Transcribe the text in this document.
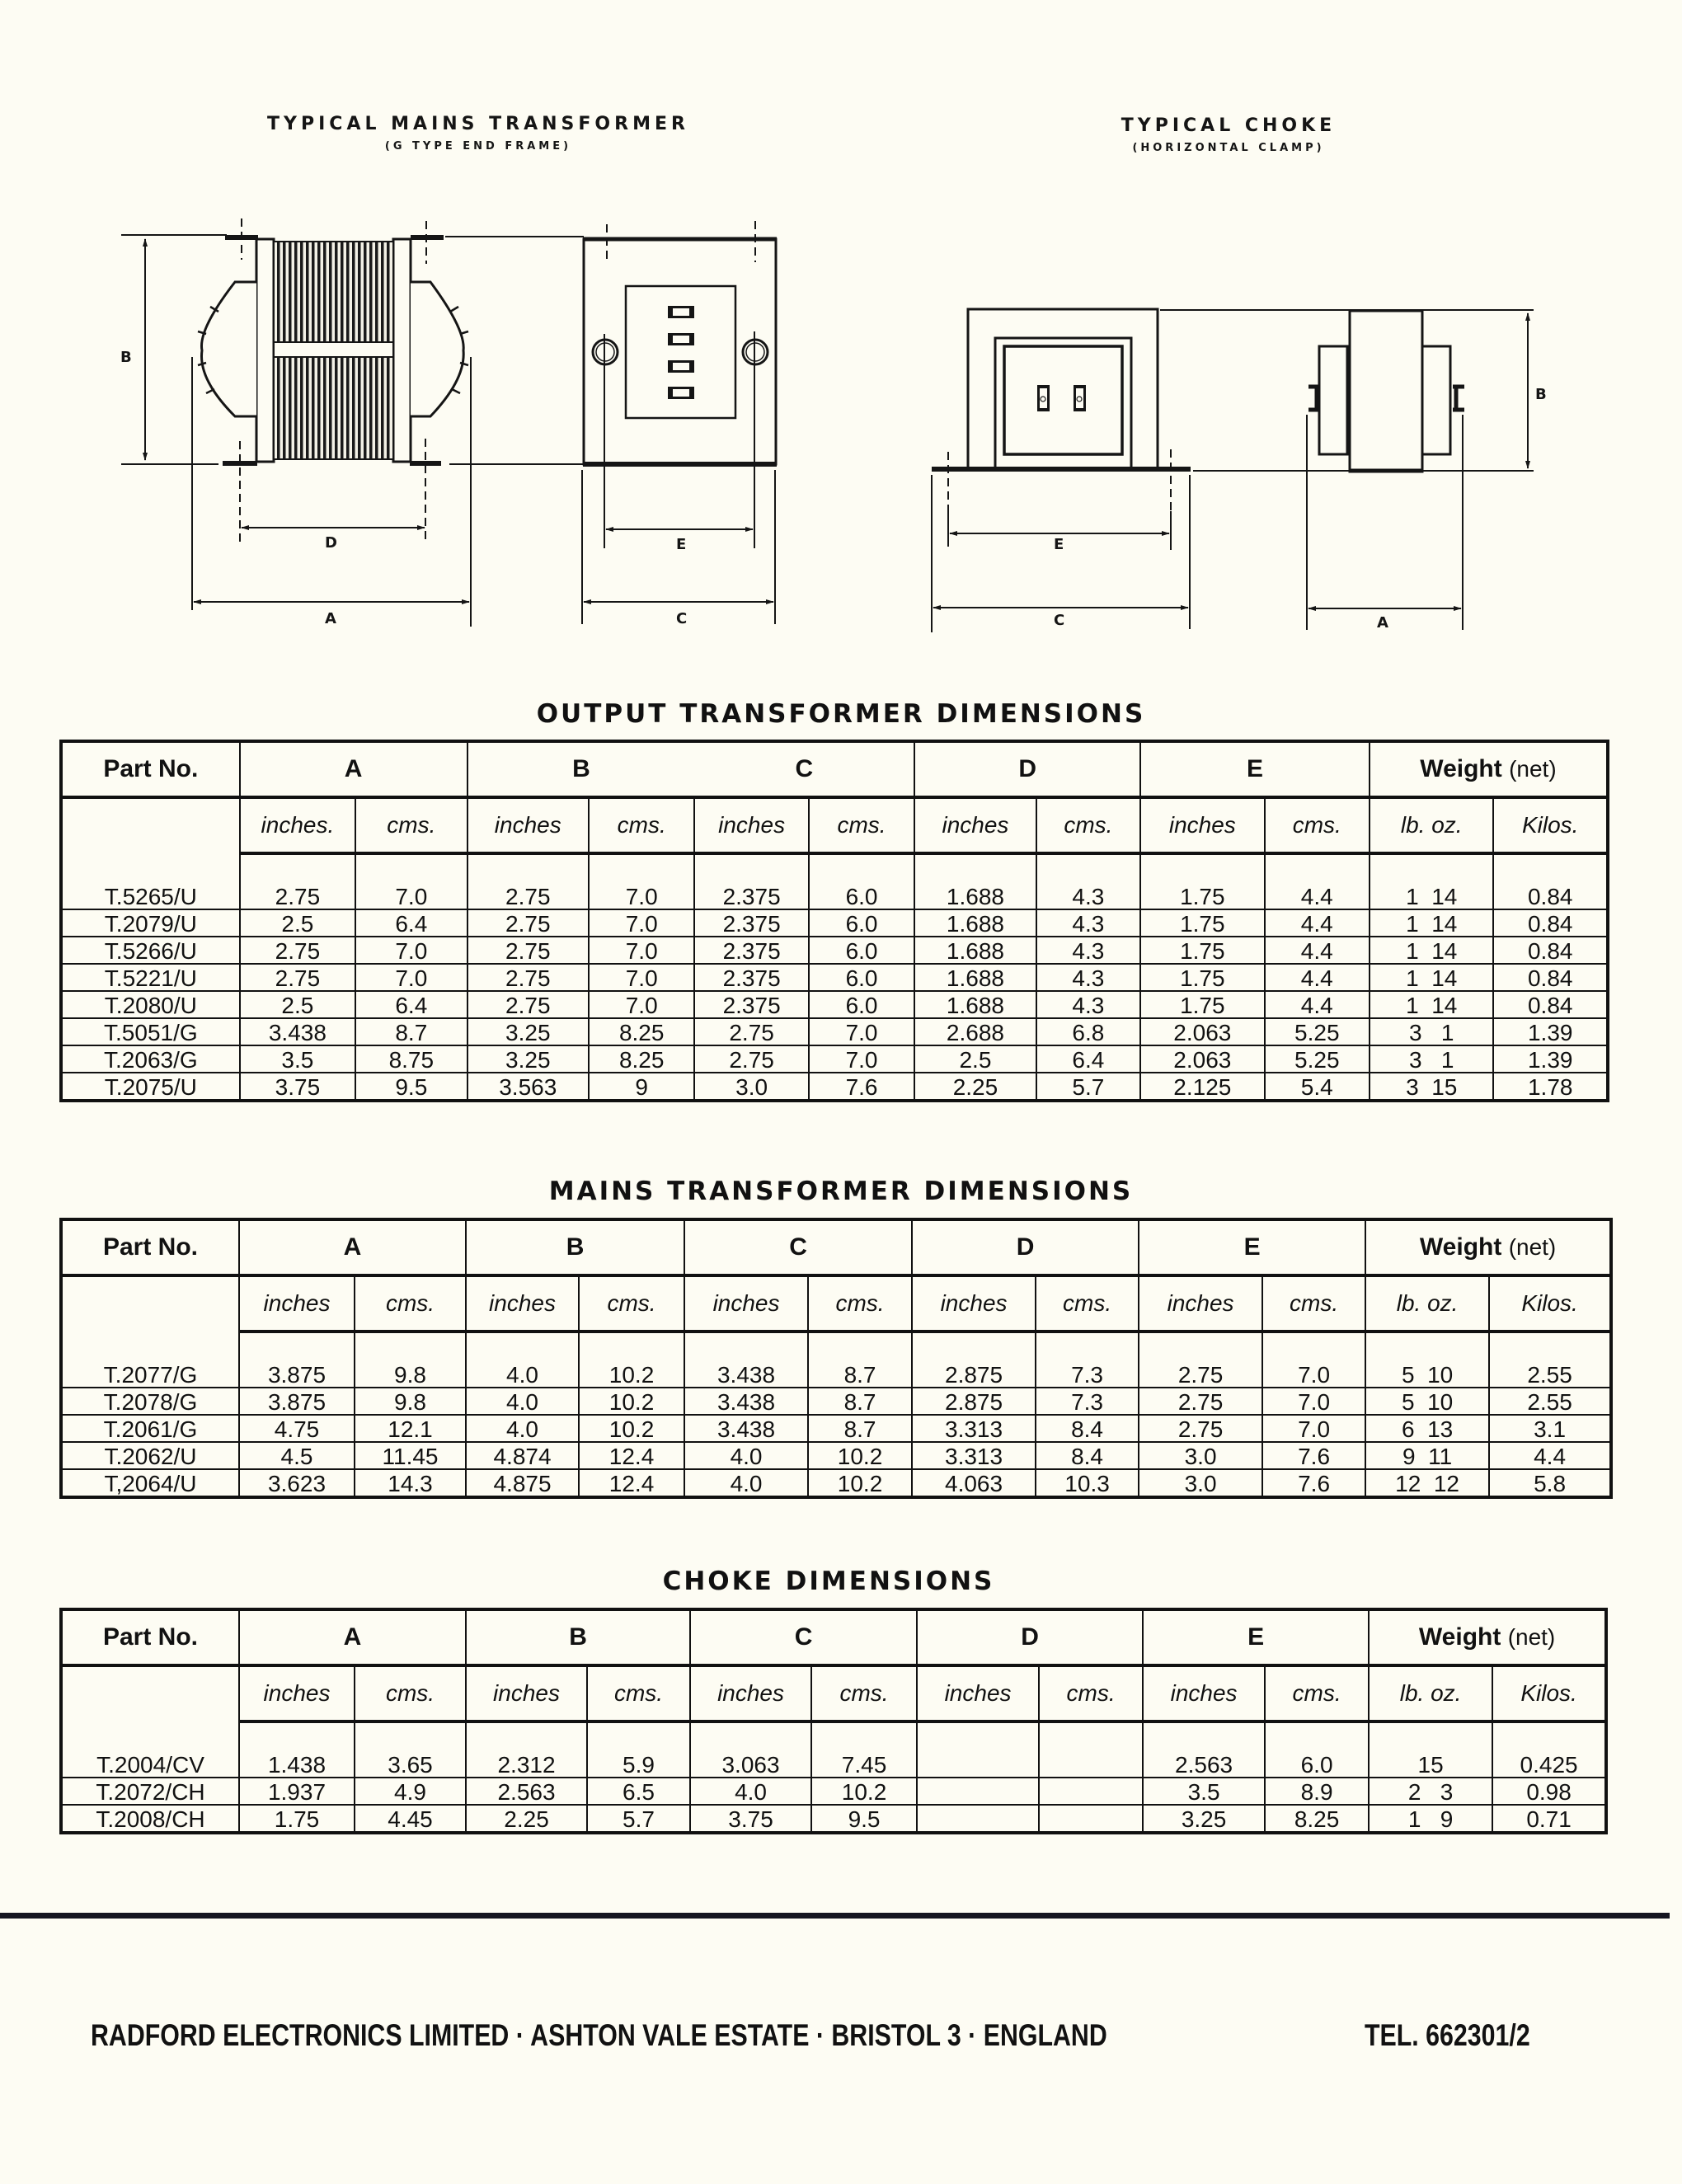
TYPICAL MAINS TRANSFORMER
(G TYPE END FRAME)
TYPICAL CHOKE
(HORIZONTAL CLAMP)
B
D
A
E
C
E
C
B
A
OUTPUT TRANSFORMER DIMENSIONS
Part No.	A		B		C		D		E		Weight (net)	
	inches.	cms.	inches	cms.	inches	cms.	inches	cms.	inches	cms.	lb. oz.	Kilos.
T.5265/U	2.75	7.0	2.75	7.0	2.375	6.0	1.688	4.3	1.75	4.4	1  14	0.84
T.2079/U	2.5	6.4	2.75	7.0	2.375	6.0	1.688	4.3	1.75	4.4	1  14	0.84
T.5266/U	2.75	7.0	2.75	7.0	2.375	6.0	1.688	4.3	1.75	4.4	1  14	0.84
T.5221/U	2.75	7.0	2.75	7.0	2.375	6.0	1.688	4.3	1.75	4.4	1  14	0.84
T.2080/U	2.5	6.4	2.75	7.0	2.375	6.0	1.688	4.3	1.75	4.4	1  14	0.84
T.5051/G	3.438	8.7	3.25	8.25	2.75	7.0	2.688	6.8	2.063	5.25	3   1	1.39
T.2063/G	3.5	8.75	3.25	8.25	2.75	7.0	2.5	6.4	2.063	5.25	3   1	1.39
T.2075/U	3.75	9.5	3.563	9	3.0	7.6	2.25	5.7	2.125	5.4	3  15	1.78
MAINS TRANSFORMER DIMENSIONS
Part No.	A		B		C		D		E		Weight (net)	
	inches	cms.	inches	cms.	inches	cms.	inches	cms.	inches	cms.	lb. oz.	Kilos.
T.2077/G	3.875	9.8	4.0	10.2	3.438	8.7	2.875	7.3	2.75	7.0	5  10	2.55
T.2078/G	3.875	9.8	4.0	10.2	3.438	8.7	2.875	7.3	2.75	7.0	5  10	2.55
T.2061/G	4.75	12.1	4.0	10.2	3.438	8.7	3.313	8.4	2.75	7.0	6  13	3.1
T.2062/U	4.5	11.45	4.874	12.4	4.0	10.2	3.313	8.4	3.0	7.6	9  11	4.4
T,2064/U	3.623	14.3	4.875	12.4	4.0	10.2	4.063	10.3	3.0	7.6	12  12	5.8
CHOKE DIMENSIONS
Part No.	A		B		C		D		E		Weight (net)	
	inches	cms.	inches	cms.	inches	cms.	inches	cms.	inches	cms.	lb. oz.	Kilos.
T.2004/CV	1.438	3.65	2.312	5.9	3.063	7.45			2.563	6.0	15	0.425
T.2072/CH	1.937	4.9	2.563	6.5	4.0	10.2			3.5	8.9	2   3	0.98
T.2008/CH	1.75	4.45	2.25	5.7	3.75	9.5			3.25	8.25	1   9	0.71
RADFORD ELECTRONICS LIMITED · ASHTON VALE ESTATE · BRISTOL 3 · ENGLAND	TEL. 662301/2
